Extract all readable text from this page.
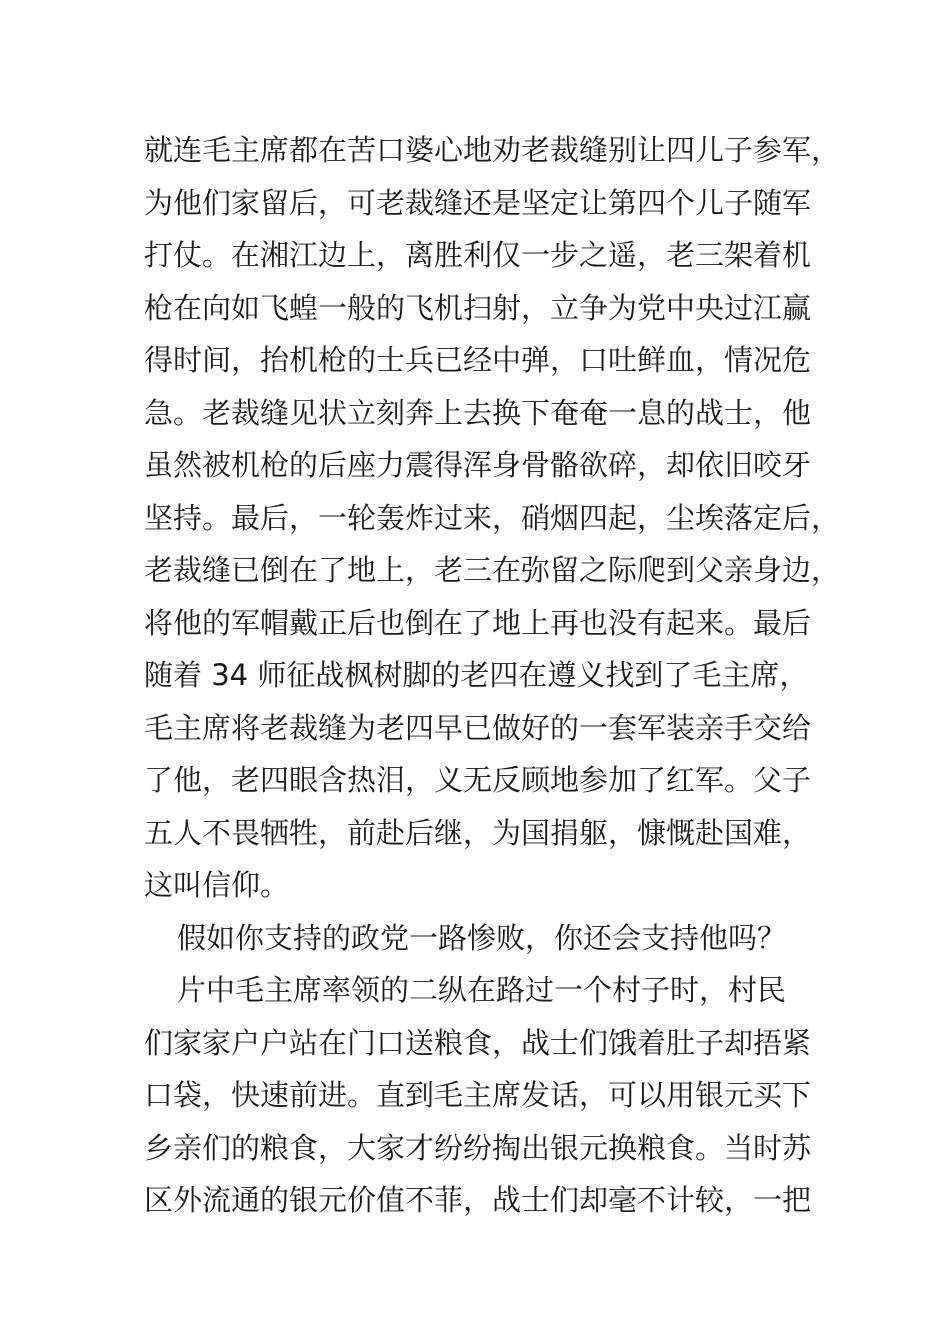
就连毛主席都在苦口婆心地劝老裁缝别让四儿子参军，
为他们家留后，可老裁缝还是坚定让第四个儿子随军
打仗。在湘江边上，离胜利仅一步之遥，老三架着机
枪在向如飞蝗一般的飞机扫射，立争为党中央过江赢
得时间，抬机枪的士兵已经中弹，口吐鲜血，情况危
急。老裁缝见状立刻奔上去换下奄奄一息的战士，他
虽然被机枪的后座力震得浑身骨骼欲碎，却依旧咬牙
坚持。最后，一轮轰炸过来，硝烟四起，尘埃落定后，
老裁缝已倒在了地上，老三在弥留之际爬到父亲身边，
将他的军帽戴正后也倒在了地上再也没有起来。最后
随着 34 师征战枫树脚的老四在遵义找到了毛主席，
毛主席将老裁缝为老四早已做好的一套军装亲手交给
了他，老四眼含热泪，义无反顾地参加了红军。父子
五人不畏牺牲，前赴后继，为国捐躯，慷慨赴国难，
这叫信仰。
假如你支持的政党一路惨败，你还会支持他吗？
片中毛主席率领的二纵在路过一个村子时，村民
们家家户户站在门口送粮食，战士们饿着肚子却捂紧
口袋，快速前进。直到毛主席发话，可以用银元买下
乡亲们的粮食，大家才纷纷掏出银元换粮食。当时苏
区外流通的银元价值不菲，战士们却毫不计较，一把
